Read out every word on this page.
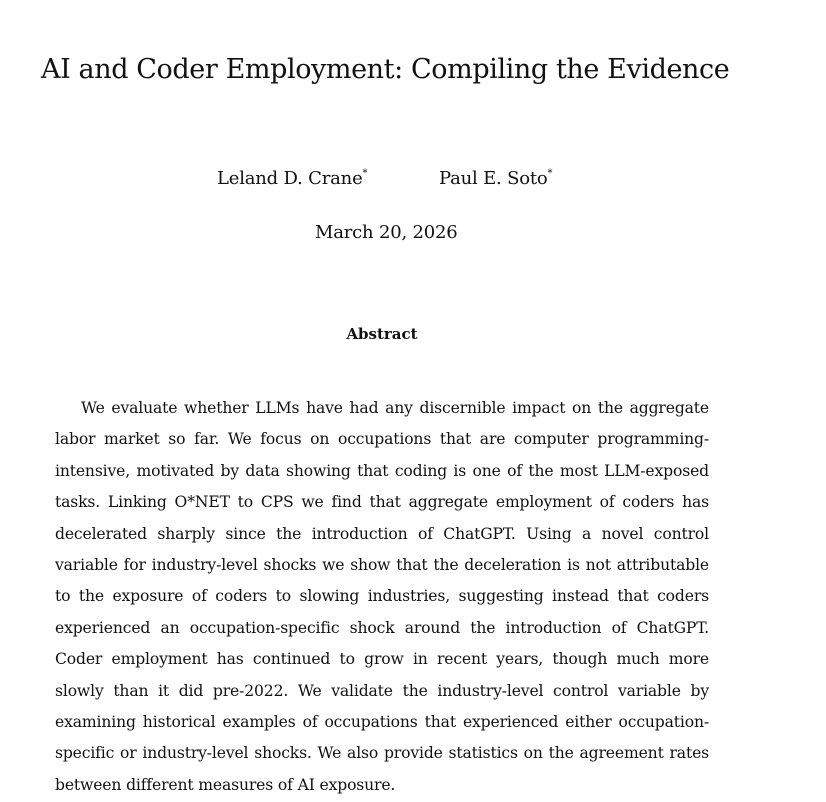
AI and Coder Employment: Compiling the Evidence
Leland D. Crane*	Paul E. Soto*
March 20, 2026
Abstract

We evaluate whether LLMs have had any discernible impact on the aggregate labor market so far. We focus on occupations that are computer programming-intensive, motivated by data showing that coding is one of the most LLM-exposed tasks. Linking O*NET to CPS we find that aggregate employment of coders has decelerated sharply since the introduction of ChatGPT. Using a novel control variable for industry-level shocks we show that the deceleration is not attributable to the exposure of coders to slowing industries, suggesting instead that coders experienced an occupation-specific shock around the introduction of ChatGPT. Coder employment has continued to grow in recent years, though much more slowly than it did pre-2022. We validate the industry-level control variable by examining historical examples of occupations that experienced either occupation-specific or industry-level shocks. We also provide statistics on the agreement rates between different measures of AI exposure.
